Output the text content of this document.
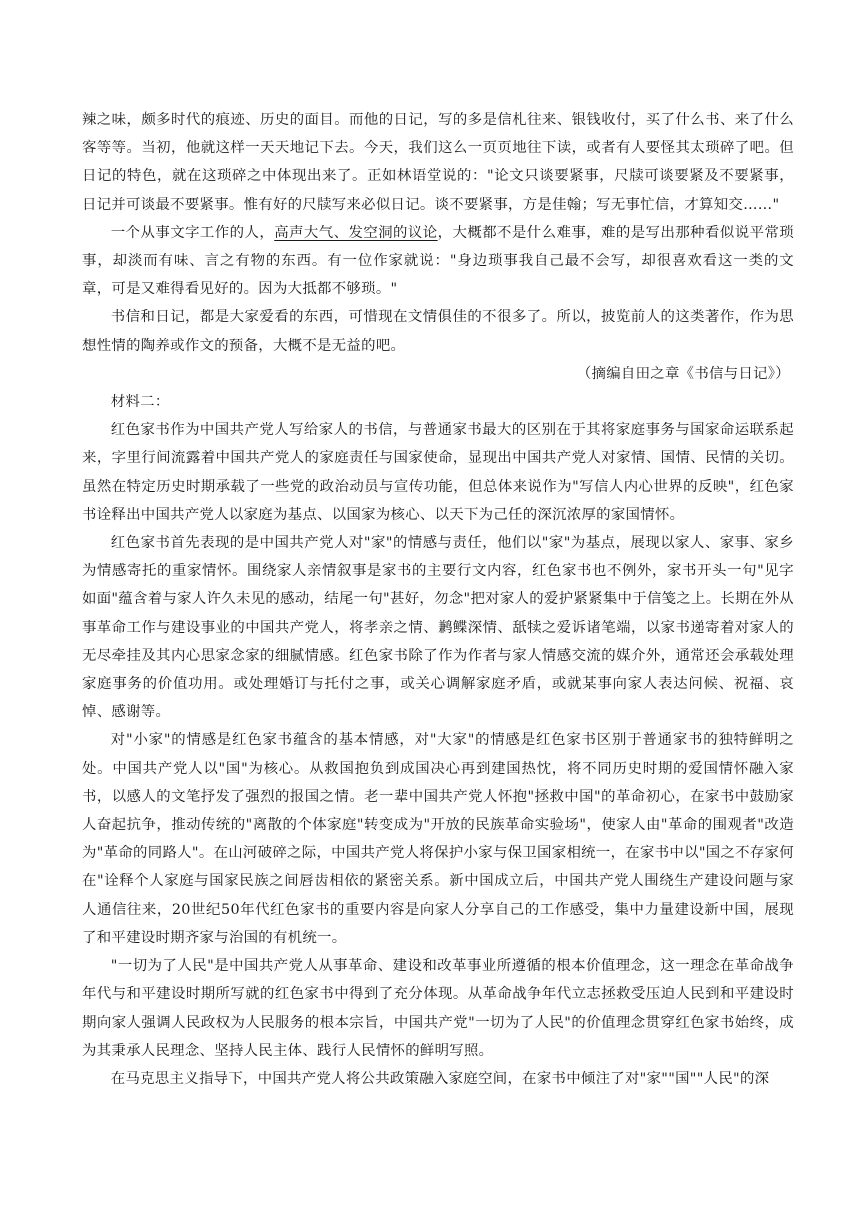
辣之味，颇多时代的痕迹、历史的面目。而他的日记，写的多是信札往来、银钱收付，买了什么书、来了什么客等等。当初，他就这样一天天地记下去。今天，我们这么一页页地往下读，或者有人要怪其太琐碎了吧。但日记的特色，就在这琐碎之中体现出来了。正如林语堂说的："论文只谈要紧事，尺牍可谈要紧及不要紧事，日记并可谈最不要紧事。惟有好的尺牍写来必似日记。谈不要紧事，方是佳翰；写无事忙信，才算知交……"

一个从事文字工作的人，高声大气、发空洞的议论，大概都不是什么难事，难的是写出那种看似说平常琐事，却淡而有味、言之有物的东西。有一位作家就说："身边琐事我自己最不会写，却很喜欢看这一类的文章，可是又难得看见好的。因为大抵都不够琐。"

书信和日记，都是大家爱看的东西，可惜现在文情俱佳的不很多了。所以，披览前人的这类著作，作为思想性情的陶养或作文的预备，大概不是无益的吧。

（摘编自田之章《书信与日记》）

材料二：

红色家书作为中国共产党人写给家人的书信，与普通家书最大的区别在于其将家庭事务与国家命运联系起来，字里行间流露着中国共产党人的家庭责任与国家使命，显现出中国共产党人对家情、国情、民情的关切。虽然在特定历史时期承载了一些党的政治动员与宣传功能，但总体来说作为"写信人内心世界的反映"，红色家书诠释出中国共产党人以家庭为基点、以国家为核心、以天下为己任的深沉浓厚的家国情怀。

红色家书首先表现的是中国共产党人对"家"的情感与责任，他们以"家"为基点，展现以家人、家事、家乡为情感寄托的重家情怀。围绕家人亲情叙事是家书的主要行文内容，红色家书也不例外，家书开头一句"见字如面"蕴含着与家人许久未见的感动，结尾一句"甚好，勿念"把对家人的爱护紧紧集中于信笺之上。长期在外从事革命工作与建设事业的中国共产党人，将孝亲之情、鹣鲽深情、舐犊之爱诉诸笔端，以家书递寄着对家人的无尽牵挂及其内心思家念家的细腻情感。红色家书除了作为作者与家人情感交流的媒介外，通常还会承载处理家庭事务的价值功用。或处理婚订与托付之事，或关心调解家庭矛盾，或就某事向家人表达问候、祝福、哀悼、感谢等。

对"小家"的情感是红色家书蕴含的基本情感，对"大家"的情感是红色家书区别于普通家书的独特鲜明之处。中国共产党人以"国"为核心。从救国抱负到成国决心再到建国热忱，将不同历史时期的爱国情怀融入家书，以感人的文笔抒发了强烈的报国之情。老一辈中国共产党人怀抱"拯救中国"的革命初心，在家书中鼓励家人奋起抗争，推动传统的"离散的个体家庭"转变成为"开放的民族革命实验场"，使家人由"革命的围观者"改造为"革命的同路人"。在山河破碎之际，中国共产党人将保护小家与保卫国家相统一，在家书中以"国之不存家何在"诠释个人家庭与国家民族之间唇齿相依的紧密关系。新中国成立后，中国共产党人围绕生产建设问题与家人通信往来，20世纪50年代红色家书的重要内容是向家人分享自己的工作感受，集中力量建设新中国，展现了和平建设时期齐家与治国的有机统一。

"一切为了人民"是中国共产党人从事革命、建设和改革事业所遵循的根本价值理念，这一理念在革命战争年代与和平建设时期所写就的红色家书中得到了充分体现。从革命战争年代立志拯救受压迫人民到和平建设时期向家人强调人民政权为人民服务的根本宗旨，中国共产党"一切为了人民"的价值理念贯穿红色家书始终，成为其秉承人民理念、坚持人民主体、践行人民情怀的鲜明写照。

在马克思主义指导下，中国共产党人将公共政策融入家庭空间，在家书中倾注了对"家""国""人民"的深
